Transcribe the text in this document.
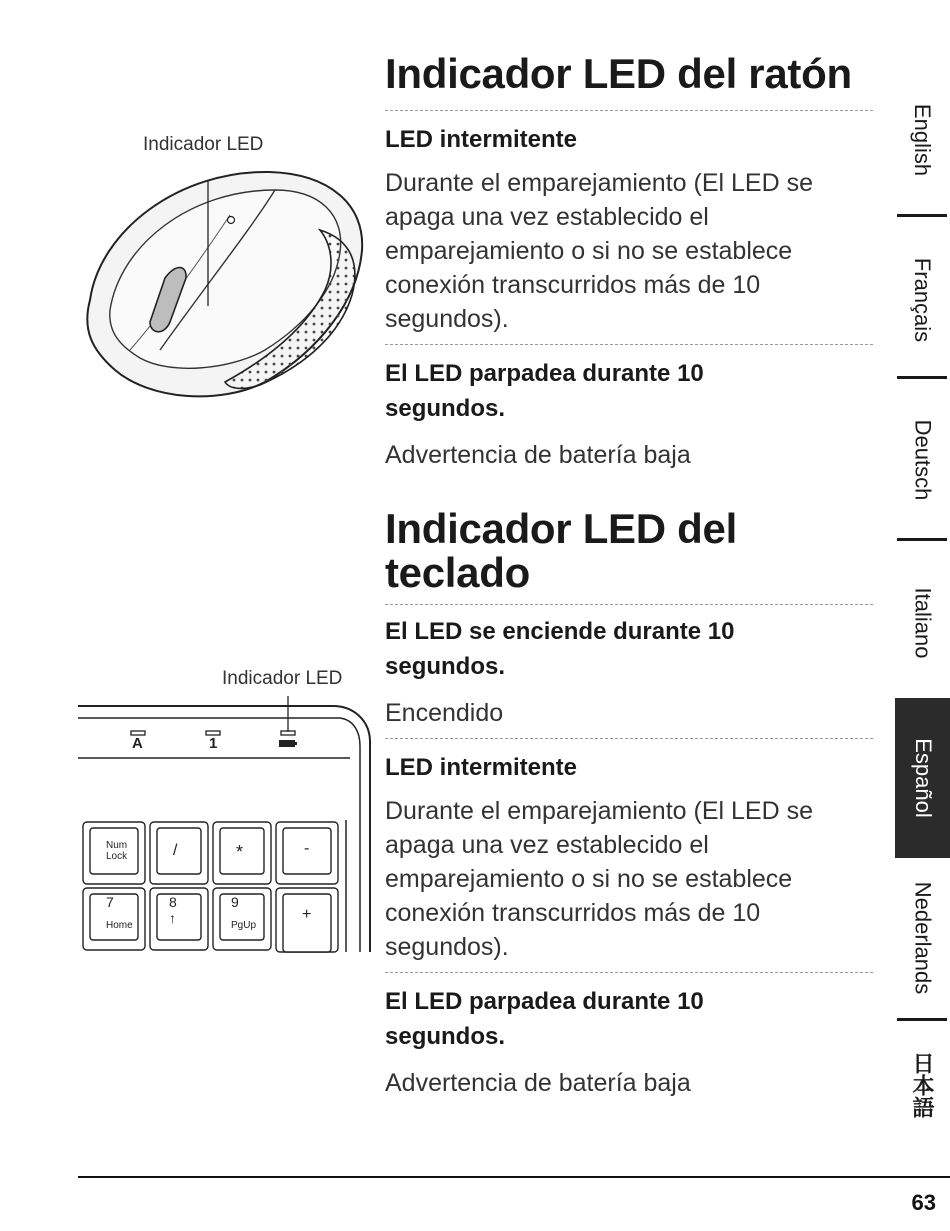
Indicador LED
Indicador LED
A	1
Num
Lock	/	*	-
7
Home
8
↑
9
PgUp
+
Indicador LED del ratón

LED intermitente

Durante el emparejamiento (El LED se apaga una vez establecido el emparejamiento o si no se establece conexión transcurridos más de 10 segundos).

El LED parpadea durante 10 segundos.

Advertencia de batería baja

Indicador LED del teclado

El LED se enciende durante 10 segundos.

Encendido

LED intermitente

Durante el emparejamiento (El LED se apaga una vez establecido el emparejamiento o si no se establece conexión transcurridos más de 10 segundos).

El LED parpadea durante 10 segundos.

Advertencia de batería baja

English
Français
Deutsch
Italiano
Español
Nederlands
日本語
63
